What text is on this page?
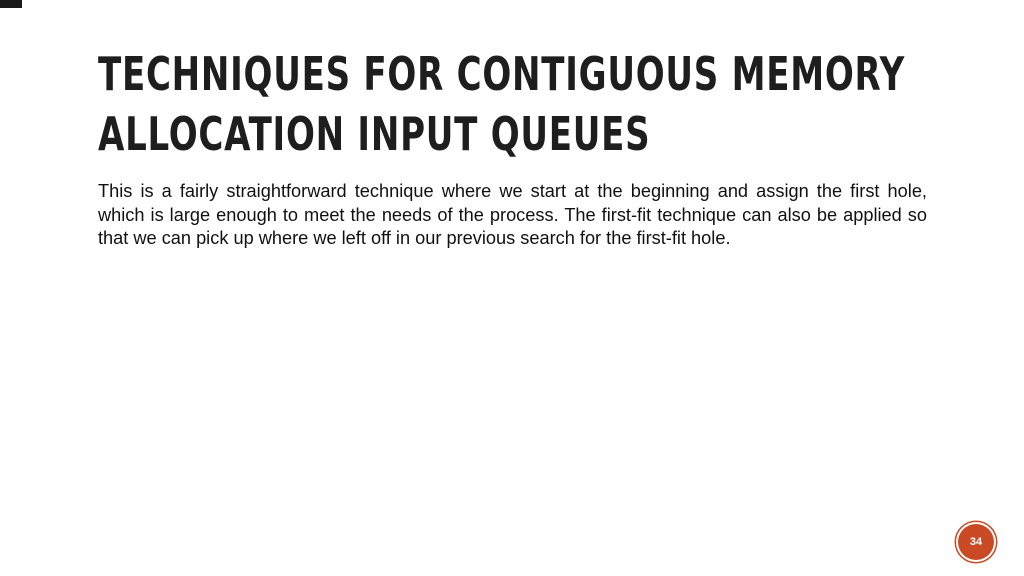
TECHNIQUES FOR CONTIGUOUS MEMORY
ALLOCATION INPUT QUEUES

This is a fairly straightforward technique where we start at the beginning and assign the first hole, which is large enough to meet the needs of the process. The first-fit technique can also be applied so that we can pick up where we left off in our previous search for the first-fit hole.

34
